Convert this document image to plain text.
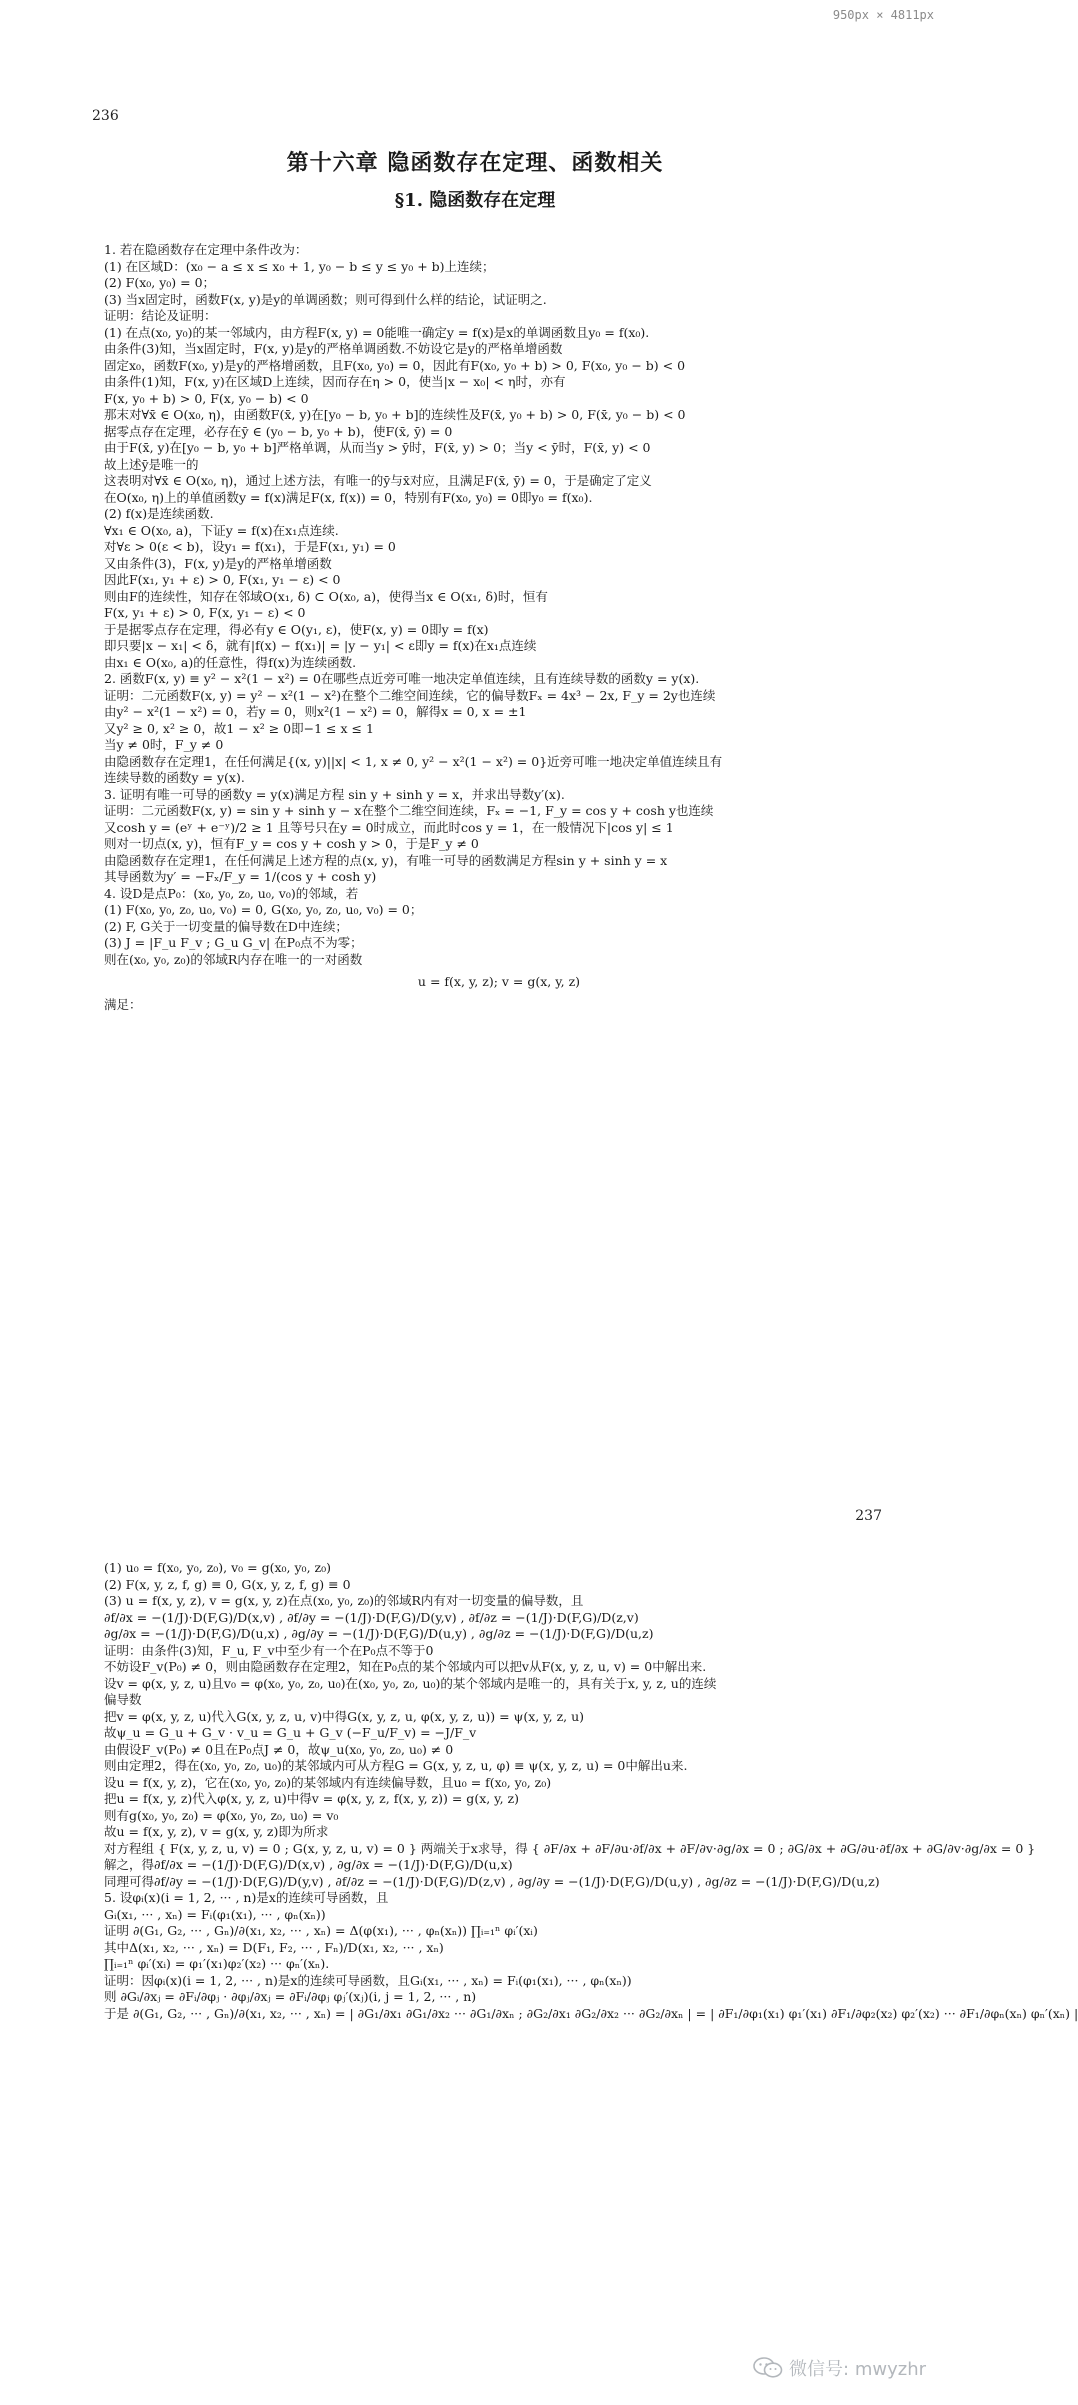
950px × 4811px
236
第十六章 隐函数存在定理、函数相关
§1. 隐函数存在定理
1. 若在隐函数存在定理中条件改为：
(1) 在区域D：(x₀ − a ≤ x ≤ x₀ + 1, y₀ − b ≤ y ≤ y₀ + b)上连续；
(2) F(x₀, y₀) = 0；
(3) 当x固定时，函数F(x, y)是y的单调函数；则可得到什么样的结论，试证明之.
证明：结论及证明：
(1) 在点(x₀, y₀)的某一邻域内，由方程F(x, y) = 0能唯一确定y = f(x)是x的单调函数且y₀ = f(x₀).
由条件(3)知，当x固定时，F(x, y)是y的严格单调函数.不妨设它是y的严格单增函数
固定x₀，函数F(x₀, y)是y的严格增函数，且F(x₀, y₀) = 0，因此有F(x₀, y₀ + b) > 0, F(x₀, y₀ − b) < 0
由条件(1)知，F(x, y)在区域D上连续，因而存在η > 0，使当|x − x₀| < η时，亦有
F(x, y₀ + b) > 0, F(x, y₀ − b) < 0
那末对∀x̄ ∈ O(x₀, η)，由函数F(x̄, y)在[y₀ − b, y₀ + b]的连续性及F(x̄, y₀ + b) > 0, F(x̄, y₀ − b) < 0
据零点存在定理，必存在ȳ ∈ (y₀ − b, y₀ + b)，使F(x̄, ȳ) = 0
由于F(x̄, y)在[y₀ − b, y₀ + b]严格单调，从而当y > ȳ时，F(x̄, y) > 0；当y < ȳ时，F(x̄, y) < 0
故上述ȳ是唯一的
这表明对∀x̄ ∈ O(x₀, η)，通过上述方法，有唯一的ȳ与x̄对应，且满足F(x̄, ȳ) = 0，于是确定了定义
在O(x₀, η)上的单值函数y = f(x)满足F(x, f(x)) = 0，特别有F(x₀, y₀) = 0即y₀ = f(x₀).
(2) f(x)是连续函数.
∀x₁ ∈ O(x₀, a)，下证y = f(x)在x₁点连续.
对∀ε > 0(ε < b)，设y₁ = f(x₁)，于是F(x₁, y₁) = 0
又由条件(3)，F(x, y)是y的严格单增函数
因此F(x₁, y₁ + ε) > 0, F(x₁, y₁ − ε) < 0
则由F的连续性，知存在邻域O(x₁, δ) ⊂ O(x₀, a)，使得当x ∈ O(x₁, δ)时，恒有
F(x, y₁ + ε) > 0, F(x, y₁ − ε) < 0
于是据零点存在定理，得必有y ∈ O(y₁, ε)，使F(x, y) = 0即y = f(x)
即只要|x − x₁| < δ，就有|f(x) − f(x₁)| = |y − y₁| < ε即y = f(x)在x₁点连续
由x₁ ∈ O(x₀, a)的任意性，得f(x)为连续函数.
2. 函数F(x, y) ≡ y² − x²(1 − x²) = 0在哪些点近旁可唯一地决定单值连续，且有连续导数的函数y = y(x).
证明：二元函数F(x, y) = y² − x²(1 − x²)在整个二维空间连续，它的偏导数Fₓ = 4x³ − 2x, F_y = 2y也连续
由y² − x²(1 − x²) = 0，若y = 0，则x²(1 − x²) = 0，解得x = 0, x = ±1
又y² ≥ 0, x² ≥ 0，故1 − x² ≥ 0即−1 ≤ x ≤ 1
当y ≠ 0时，F_y ≠ 0
由隐函数存在定理1，在任何满足{(x, y)||x| < 1, x ≠ 0, y² − x²(1 − x²) = 0}近旁可唯一地决定单值连续且有
连续导数的函数y = y(x).
3. 证明有唯一可导的函数y = y(x)满足方程 sin y + sinh y = x，并求出导数y′(x).
证明：二元函数F(x, y) = sin y + sinh y − x在整个二维空间连续，Fₓ = −1, F_y = cos y + cosh y也连续
又cosh y = (eʸ + e⁻ʸ)/2 ≥ 1 且等号只在y = 0时成立，而此时cos y = 1，在一般情况下|cos y| ≤ 1
则对一切点(x, y)，恒有F_y = cos y + cosh y > 0，于是F_y ≠ 0
由隐函数存在定理1，在任何满足上述方程的点(x, y)，有唯一可导的函数满足方程sin y + sinh y = x
其导函数为y′ = −Fₓ/F_y = 1/(cos y + cosh y)
4. 设D是点P₀：(x₀, y₀, z₀, u₀, v₀)的邻域，若
(1) F(x₀, y₀, z₀, u₀, v₀) = 0, G(x₀, y₀, z₀, u₀, v₀) = 0；
(2) F, G关于一切变量的偏导数在D中连续；
(3) J = |F_u F_v ; G_u G_v| 在P₀点不为零；
则在(x₀, y₀, z₀)的邻域R内存在唯一的一对函数
u = f(x, y, z); v = g(x, y, z)
满足：
237
(1) u₀ = f(x₀, y₀, z₀), v₀ = g(x₀, y₀, z₀)
(2) F(x, y, z, f, g) ≡ 0, G(x, y, z, f, g) ≡ 0
(3) u = f(x, y, z), v = g(x, y, z)在点(x₀, y₀, z₀)的邻域R内有对一切变量的偏导数，且
∂f/∂x = −(1/J)·D(F,G)/D(x,v) , ∂f/∂y = −(1/J)·D(F,G)/D(y,v) , ∂f/∂z = −(1/J)·D(F,G)/D(z,v)
∂g/∂x = −(1/J)·D(F,G)/D(u,x) , ∂g/∂y = −(1/J)·D(F,G)/D(u,y) , ∂g/∂z = −(1/J)·D(F,G)/D(u,z)
证明：由条件(3)知，F_u, F_v中至少有一个在P₀点不等于0
不妨设F_v(P₀) ≠ 0，则由隐函数存在定理2，知在P₀点的某个邻域内可以把v从F(x, y, z, u, v) = 0中解出来.
设v = φ(x, y, z, u)且v₀ = φ(x₀, y₀, z₀, u₀)在(x₀, y₀, z₀, u₀)的某个邻域内是唯一的，具有关于x, y, z, u的连续
偏导数
把v = φ(x, y, z, u)代入G(x, y, z, u, v)中得G(x, y, z, u, φ(x, y, z, u)) = ψ(x, y, z, u)
故ψ_u = G_u + G_v · v_u = G_u + G_v (−F_u/F_v) = −J/F_v
由假设F_v(P₀) ≠ 0且在P₀点J ≠ 0，故ψ_u(x₀, y₀, z₀, u₀) ≠ 0
则由定理2，得在(x₀, y₀, z₀, u₀)的某邻域内可从方程G = G(x, y, z, u, φ) ≡ ψ(x, y, z, u) = 0中解出u来.
设u = f(x, y, z)，它在(x₀, y₀, z₀)的某邻域内有连续偏导数，且u₀ = f(x₀, y₀, z₀)
把u = f(x, y, z)代入φ(x, y, z, u)中得v = φ(x, y, z, f(x, y, z)) = g(x, y, z)
则有g(x₀, y₀, z₀) = φ(x₀, y₀, z₀, u₀) = v₀
故u = f(x, y, z), v = g(x, y, z)即为所求
对方程组 { F(x, y, z, u, v) = 0 ; G(x, y, z, u, v) = 0 } 两端关于x求导，得 { ∂F/∂x + ∂F/∂u·∂f/∂x + ∂F/∂v·∂g/∂x = 0 ; ∂G/∂x + ∂G/∂u·∂f/∂x + ∂G/∂v·∂g/∂x = 0 }
解之，得∂f/∂x = −(1/J)·D(F,G)/D(x,v) , ∂g/∂x = −(1/J)·D(F,G)/D(u,x)
同理可得∂f/∂y = −(1/J)·D(F,G)/D(y,v) , ∂f/∂z = −(1/J)·D(F,G)/D(z,v) , ∂g/∂y = −(1/J)·D(F,G)/D(u,y) , ∂g/∂z = −(1/J)·D(F,G)/D(u,z)
5. 设φᵢ(x)(i = 1, 2, ··· , n)是x的连续可导函数，且
Gᵢ(x₁, ··· , xₙ) = Fᵢ(φ₁(x₁), ··· , φₙ(xₙ))
证明 ∂(G₁, G₂, ··· , Gₙ)/∂(x₁, x₂, ··· , xₙ) = Δ(φ(x₁), ··· , φₙ(xₙ)) ∏ᵢ₌₁ⁿ φᵢ′(xᵢ)
其中Δ(x₁, x₂, ··· , xₙ) = D(F₁, F₂, ··· , Fₙ)/D(x₁, x₂, ··· , xₙ)
∏ᵢ₌₁ⁿ φᵢ′(xᵢ) = φ₁′(x₁)φ₂′(x₂) ··· φₙ′(xₙ).
证明：因φᵢ(x)(i = 1, 2, ··· , n)是x的连续可导函数，且Gᵢ(x₁, ··· , xₙ) = Fᵢ(φ₁(x₁), ··· , φₙ(xₙ))
则 ∂Gᵢ/∂xⱼ = ∂Fᵢ/∂φⱼ · ∂φⱼ/∂xⱼ = ∂Fᵢ/∂φⱼ φⱼ′(xⱼ)(i, j = 1, 2, ··· , n)
于是 ∂(G₁, G₂, ··· , Gₙ)/∂(x₁, x₂, ··· , xₙ) = | ∂G₁/∂x₁ ∂G₁/∂x₂ ··· ∂G₁/∂xₙ ; ∂G₂/∂x₁ ∂G₂/∂x₂ ··· ∂G₂/∂xₙ | = | ∂F₁/∂φ₁(x₁) φ₁′(x₁) ∂F₁/∂φ₂(x₂) φ₂′(x₂) ··· ∂F₁/∂φₙ(xₙ) φₙ′(xₙ) |
微信号: mwyzhr
